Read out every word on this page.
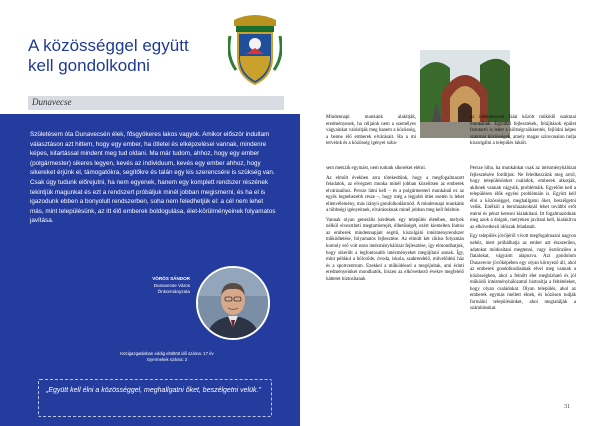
A közösséggel együtt
kell gondolkodni
Dunavecse

Születésem óta Dunavecsén élek, fősgyökeres lakos vagyok. Amikor először indultam választáson azt hittem, hogy egy ember, ha ötletei és elképzelései vannak, mindenre képes, kitartással mindent meg tud oldani. Ma már tudom, ahhoz, hogy egy ember (polgármester) sikeres legyen, kevés az individuum, kevés egy ember ahhoz, hogy sikereket érjünk el, támogatókra, segítőkre és talán egy kis szerencsére is szükség van. Csak úgy tudunk előrejutni, ha nem egyenek, hanem egy komplett rendszer részének tekintjük magunkat és ezt a rendszert próbáljuk minél jobban megismerni, és ha el is igazodunk ebben a bonyolult rendszerben, soha nem feledhetjük el: a cél nem lehet más, mint településünk, az itt élő emberek boldogulása, élet-körülményeinek folyamatos javítása.

VÖRÖS SÁNDOR
Dunavecse Város
Önkormányzata
Közigazgatásban eddig eltöltött idő száma: 17 év
Gyermekek száma: 2

„Együtt kell élni a közösséggel, meghallgatni őket, beszélgetni velük."

Mindennapi munkánk alakítják, eredményesek, ha céljaink nem a személyes vágyainkat valósítják meg hanem a közösség, a benne élő emberek elvárásait. Ha a mi terveink és a közösség igényei soha-

sem metszik egymást, nem tudunk sikereket elérni.

Az elmúlt években arra törekedtünk, hogy a megfogalmazott feladatok, az elvégzett munka minél jobban közelítsen az emberek elvárásaihoz. Persze látni kell – és a polgármesteri munkánál ez az egyik legnehezebb része –, hogy még a legjobb ötlet esetén is lehet ellenvélemény, más irányú gondolkodásmód. A mindennapi munkánk a többségi igényeknek, elvárásoknak minél jobban meg kell felelnie.

Vannak olyan generális kérdések egy település életében, melyek nélkül elvesztheti megtartóerejét, élhetőségét, ezért kiemelten fontos az emberek mindennapjait segítő, kiszolgáló intézményrendszer működtetése, folyamatos fejlesztése. Az elmúlt két ciklus folyamán komoly erő volt ezen intézményhálózat fejlesztése, így elmondhatjuk, hogy sikerült a legfontosabb intézményeket megújítani annak. Így, mint például a bölcsőde, óvoda, iskola, szakrendelő, művelődési ház és a sportcentrum. Ezekkel a működéssel a megújultak, ami érinti eredményeinket mondhatók, hiszen az elkövetkező évekre megfelelő hátteret biztosítanak

az intézmények falai között működő szakmai munkának. Egyúttal fejlesztések, felújítások épület fenntartó is lehet a költségcsökkentés, fejlődni képes szakmai közösségek, amely magas színvonalon tudja kiszolgálni a település lakóit.

Persze hiba, ha munkánkat csak az intézményhálózat fejlesztésére fordítjuk. Ne feledkezzünk meg arról, hogy településünket családok, emberek alkotják, akiknek vannak vágyaik, problémáik. Egyelőre kell a településen élők egyéni problémáin is. Együtt kell élni a közösséggel, meghallgatni őket, beszélgetni velük. Enélkül a beruházásoknál lehet további erőt mérni és pénzt keresni kialakítani. Itt fogalmazódnak meg azok a dolgok, melyeken javítani kell, kialakítva az elkövetkező időszak feladatait.

Egy település jövőjéről vívott megfogalmazni nagyon nehéz, mert próbálhatja az ember azt észszerűen, adatokat módosítani megtenni, vagy ösztönzően a fiatalokat, vágyaim alapozva. Azt gondolom Dunavecse jövőképében egy olyan környező áll, ahol az emberek gondolkodásának elvei meg vannak a közösségben, ahol a felnőtt élet megbízható és jól működő intézményhálózattal biztosítja a feltételeket, hogy olyan családokat. Olyan település, ahol az emberek egymás mellett élnek, és közösen tudják formálni településünket, ahol megtalálják a számításukat.

31
